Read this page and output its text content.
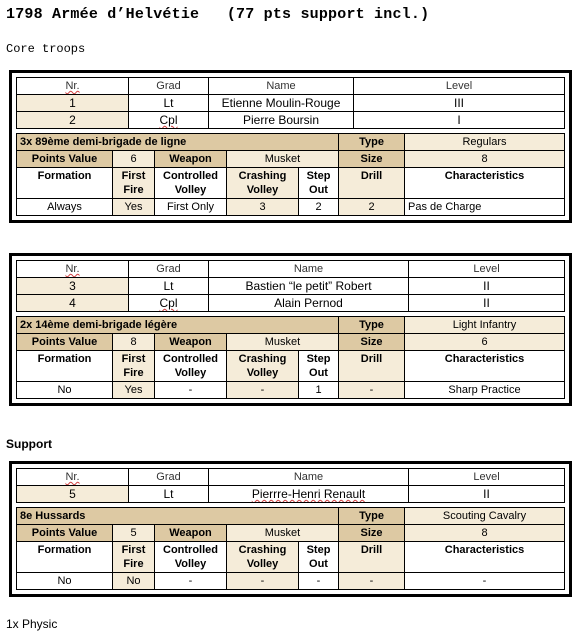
1798 Armée d’Helvétie   (77 pts support incl.)
Core troops
Support
1x Physic
Nr.	Grad	Name	Level
1	Lt	Etienne Moulin-Rouge	III
2	Cpl	Pierre Boursin	I
3x 89ème demi-brigade de ligne					Type	Regulars
Points Value	6	Weapon	Musket		Size	8
Formation	First Fire	Controlled Volley	Crashing Volley	Step Out	Drill	Characteristics
Always	Yes	First Only	3	2	2	Pas de Charge
Nr.	Grad	Name	Level
3	Lt	Bastien “le petit” Robert	II
4	Cpl	Alain Pernod	II
2x 14ème demi-brigade légère					Type	Light Infantry
Points Value	8	Weapon	Musket		Size	6
Formation	First Fire	Controlled Volley	Crashing Volley	Step Out	Drill	Characteristics
No	Yes	-	-	1	-	Sharp Practice
Nr.	Grad	Name	Level
5	Lt	Pierrre-Henri Renault	II
8e Hussards					Type	Scouting Cavalry
Points Value	5	Weapon	Musket		Size	8
Formation	First Fire	Controlled Volley	Crashing Volley	Step Out	Drill	Characteristics
No	No	-	-	-	-	-
